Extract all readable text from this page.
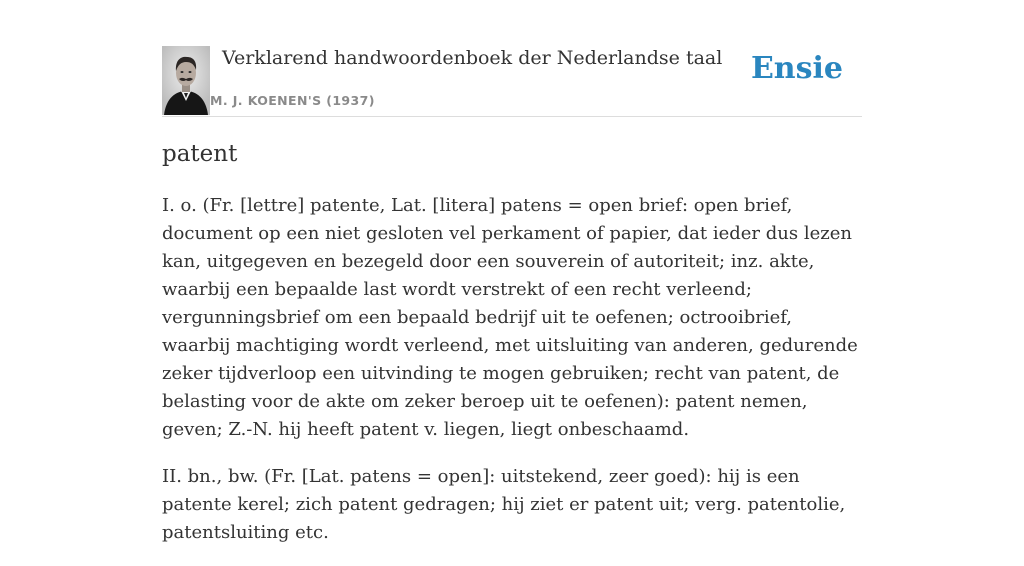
Verklarend handwoordenboek der Nederlandse taal
M. J. KOENEN'S (1937)
Ensie
patent

I. o. (Fr. [lettre] patente, Lat. [litera] patens = open brief: open brief, document op een niet gesloten vel perkament of papier, dat ieder dus lezen kan, uitgegeven en bezegeld door een souverein of autoriteit; inz. akte, waarbij een bepaalde last wordt verstrekt of een recht verleend; vergunningsbrief om een bepaald bedrijf uit te oefenen; octrooibrief, waarbij machtiging wordt verleend, met uitsluiting van anderen, gedurende zeker tijdverloop een uitvinding te mogen gebruiken; recht van patent, de belasting voor de akte om zeker beroep uit te oefenen): patent nemen, geven; Z.-N. hij heeft patent v. liegen, liegt onbeschaamd.

II. bn., bw. (Fr. [Lat. patens = open]: uitstekend, zeer goed): hij is een patente kerel; zich patent gedragen; hij ziet er patent uit; verg. patentolie, patentsluiting etc.
